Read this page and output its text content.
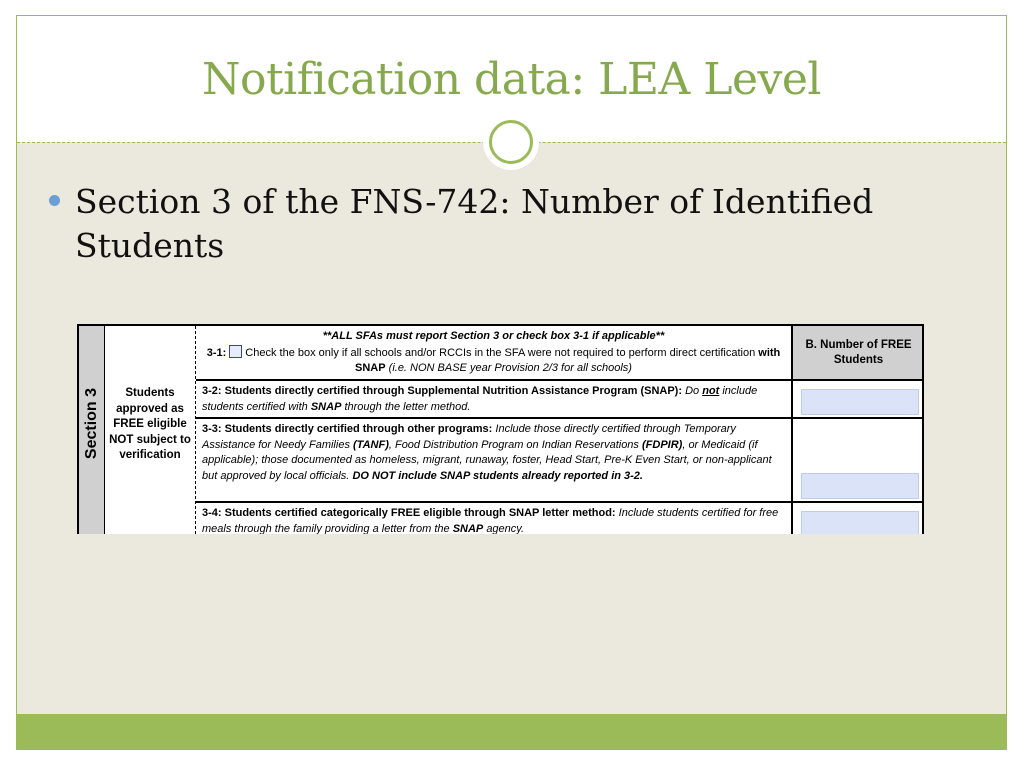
Notification data: LEA Level
Section 3 of the FNS-742: Number of Identified Students
Section 3	Students approved as FREE eligible NOT subject to verification
**ALL SFAs must report Section 3 or check box 3-1 if applicable**
3-1: Check the box only if all schools and/or RCCIs in the SFA were not required to perform direct certification with SNAP (i.e. NON BASE year Provision 2/3 for all schools)
3-2: Students directly certified through Supplemental Nutrition Assistance Program (SNAP): Do not include students certified with SNAP through the letter method.
3-3: Students directly certified through other programs: Include those directly certified through Temporary Assistance for Needy Families (TANF), Food Distribution Program on Indian Reservations (FDPIR), or Medicaid (if applicable); those documented as homeless, migrant, runaway, foster, Head Start, Pre-K Even Start, or non-applicant but approved by local officials. DO NOT include SNAP students already reported in 3-2.
3-4: Students certified categorically FREE eligible through SNAP letter method: Include students certified for free meals through the family providing a letter from the SNAP agency.
B. Number of FREE Students
